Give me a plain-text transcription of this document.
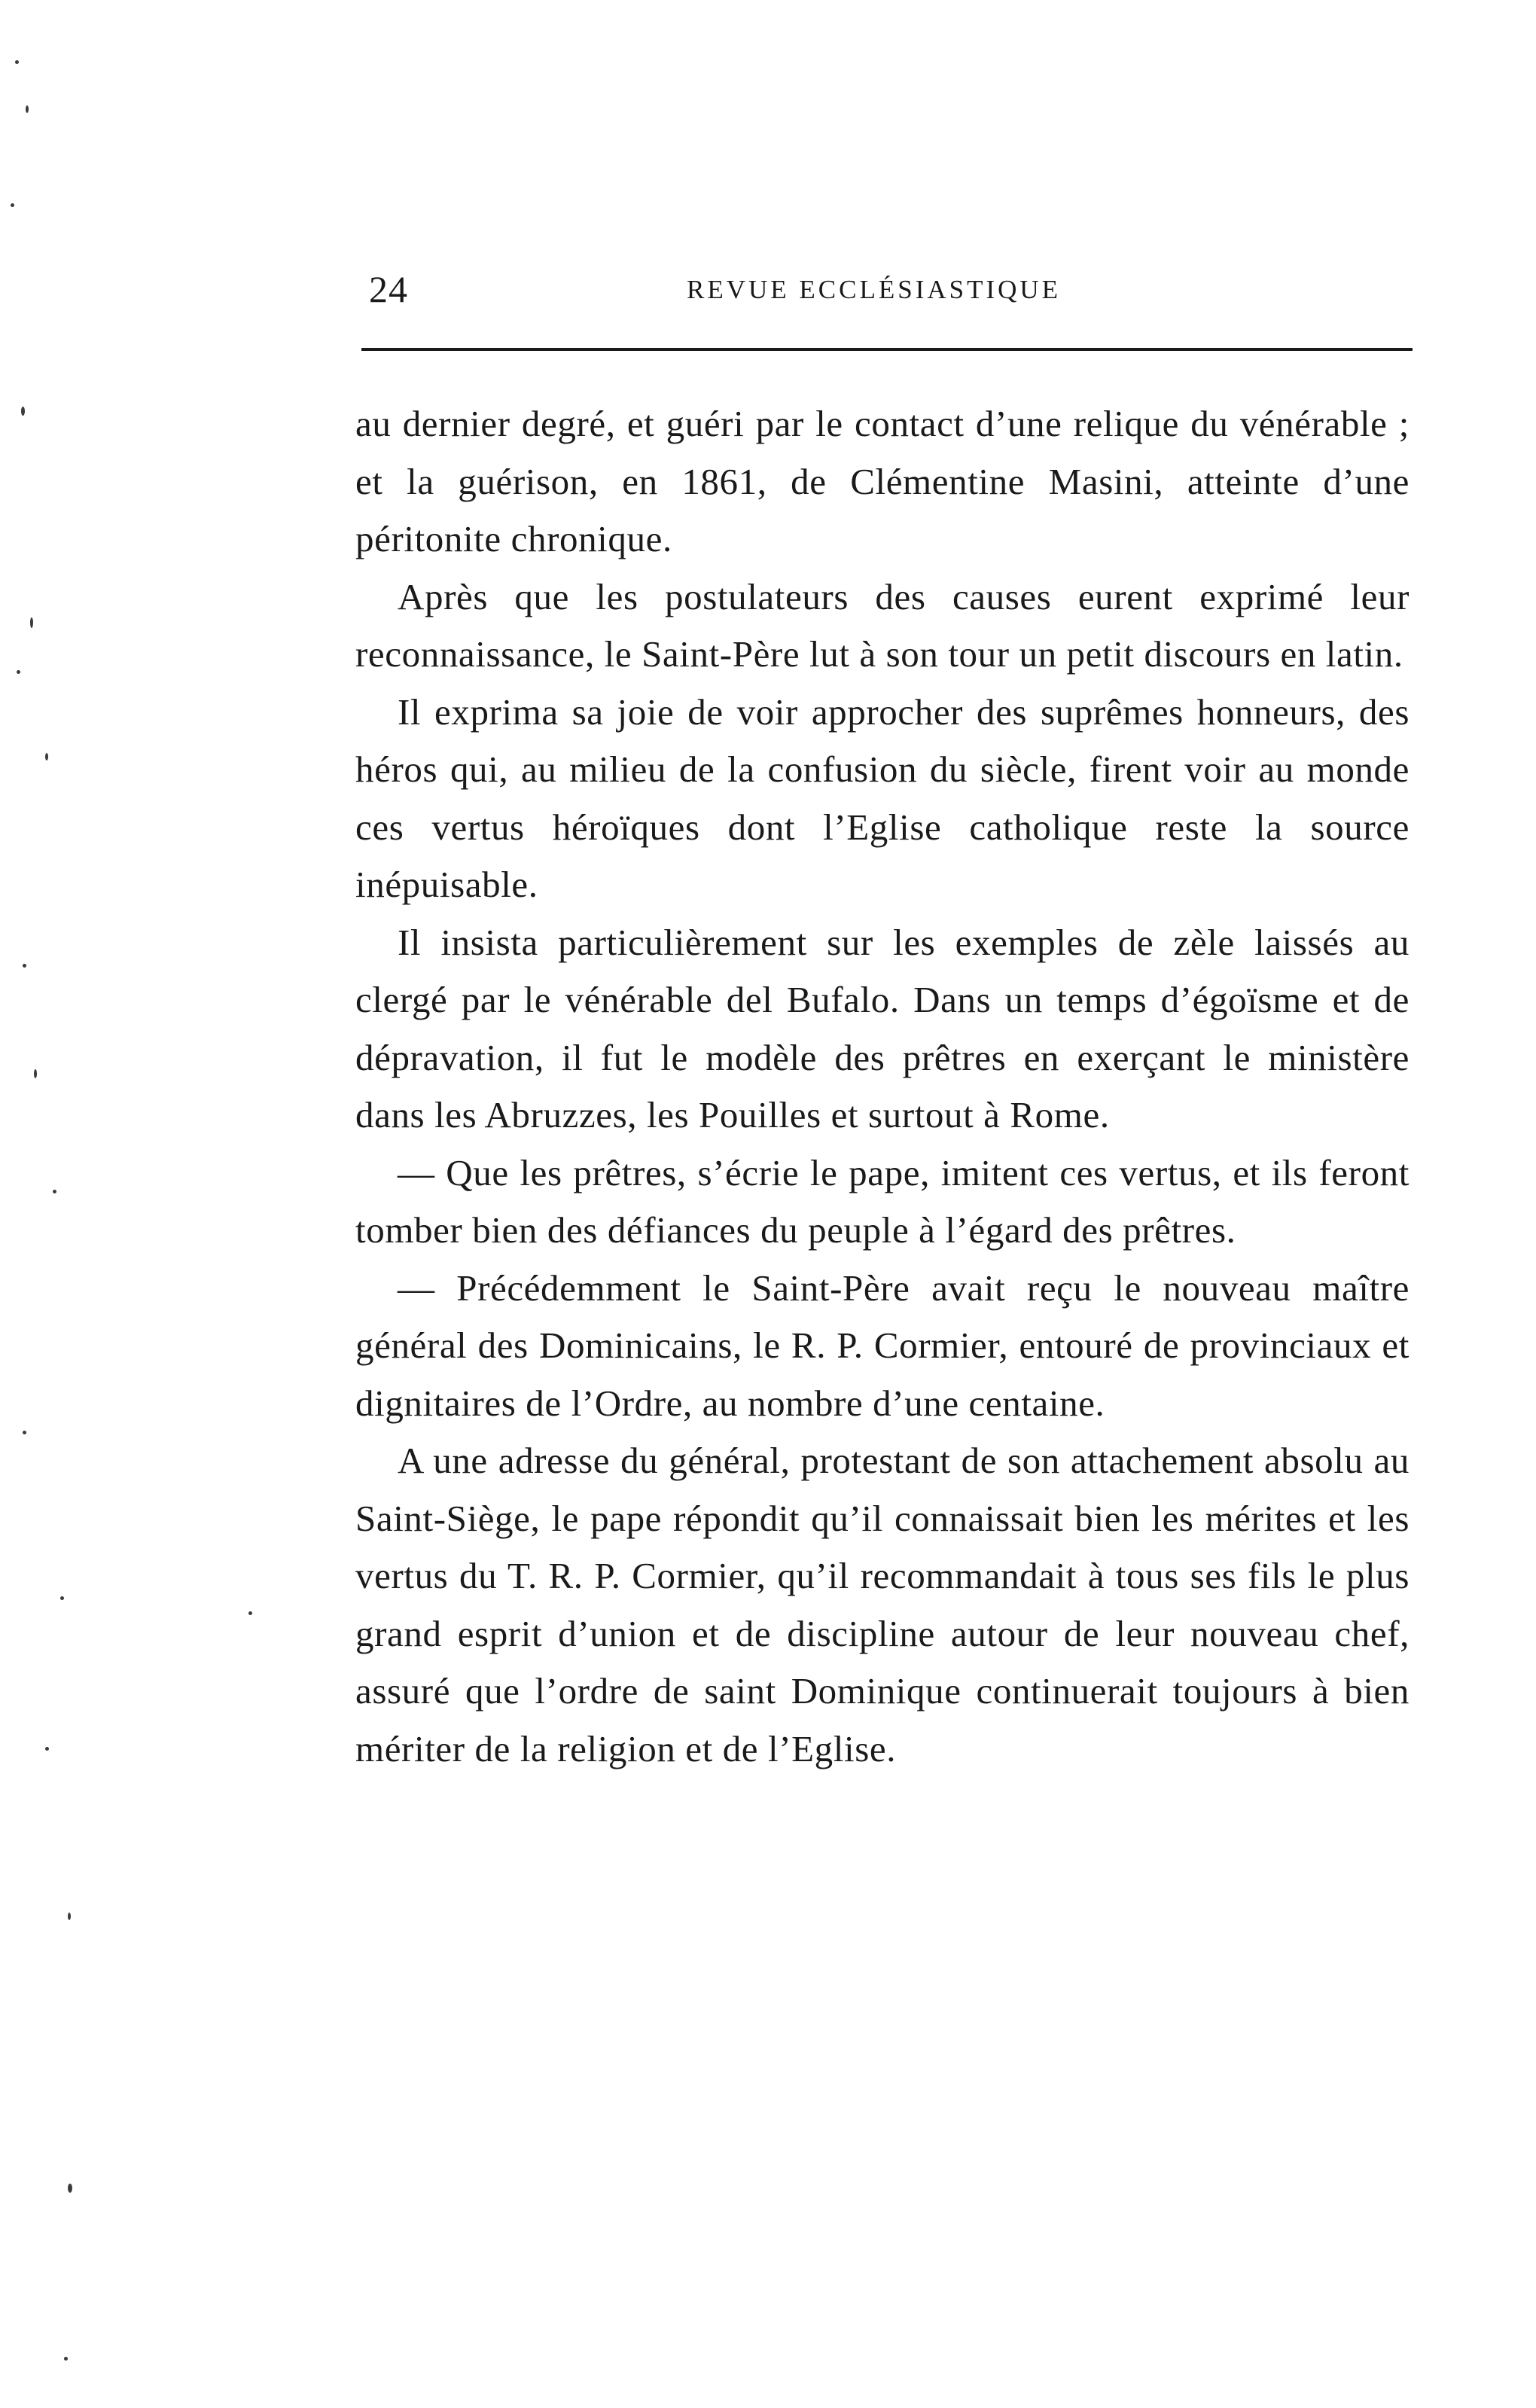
24	REVUE ECCLÉSIASTIQUE

au dernier degré, et guéri par le contact d’une relique du vénérable ; et la guérison, en 1861, de Clémentine Masini, atteinte d’une péritonite chronique.

Après que les postulateurs des causes eurent exprimé leur reconnaissance, le Saint-Père lut à son tour un petit discours en latin.

Il exprima sa joie de voir approcher des suprêmes honneurs, des héros qui, au milieu de la confusion du siècle, firent voir au monde ces vertus héroïques dont l’Eglise catholique reste la source inépuisable.

Il insista particulièrement sur les exemples de zèle laissés au clergé par le vénérable del Bufalo. Dans un temps d’égoïsme et de dépravation, il fut le modèle des prêtres en exerçant le ministère dans les Abruzzes, les Pouilles et surtout à Rome.

— Que les prêtres, s’écrie le pape, imitent ces vertus, et ils feront tomber bien des défiances du peuple à l’égard des prêtres.

— Précédemment le Saint-Père avait reçu le nouveau maître général des Dominicains, le R. P. Cormier, entouré de provinciaux et dignitaires de l’Ordre, au nombre d’une centaine.

A une adresse du général, protestant de son attachement absolu au Saint-Siège, le pape répondit qu’il connaissait bien les mérites et les vertus du T. R. P. Cormier, qu’il recommandait à tous ses fils le plus grand esprit d’union et de discipline autour de leur nouveau chef, assuré que l’ordre de saint Dominique continuerait toujours à bien mériter de la religion et de l’Eglise.
